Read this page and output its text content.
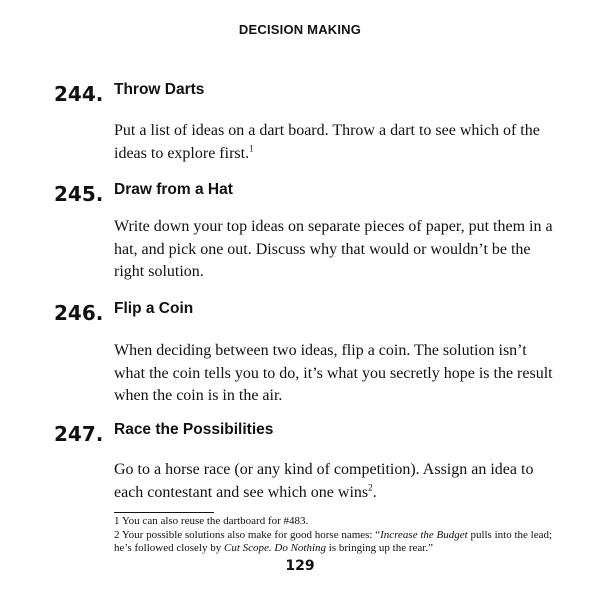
DECISION MAKING
244. Throw Darts

Put a list of ideas on a dart board. Throw a dart to see which of the ideas to explore first.$^1$

245. Draw from a Hat

Write down your top ideas on separate pieces of paper, put them in a hat, and pick one out. Discuss why that would or wouldn’t be the right solution.

246. Flip a Coin

When deciding between two ideas, flip a coin. The solution isn’t what the coin tells you to do, it’s what you secretly hope is the result when the coin is in the air.

247. Race the Possibilities

Go to a horse race (or any kind of competition). Assign an idea to each contestant and see which one wins$^2$.

1 You can also reuse the dartboard for #483.

2 Your possible solutions also make for good horse names: “Increase the Budget pulls into the lead; he’s followed closely by Cut Scope. Do Nothing is bringing up the rear.”

129
